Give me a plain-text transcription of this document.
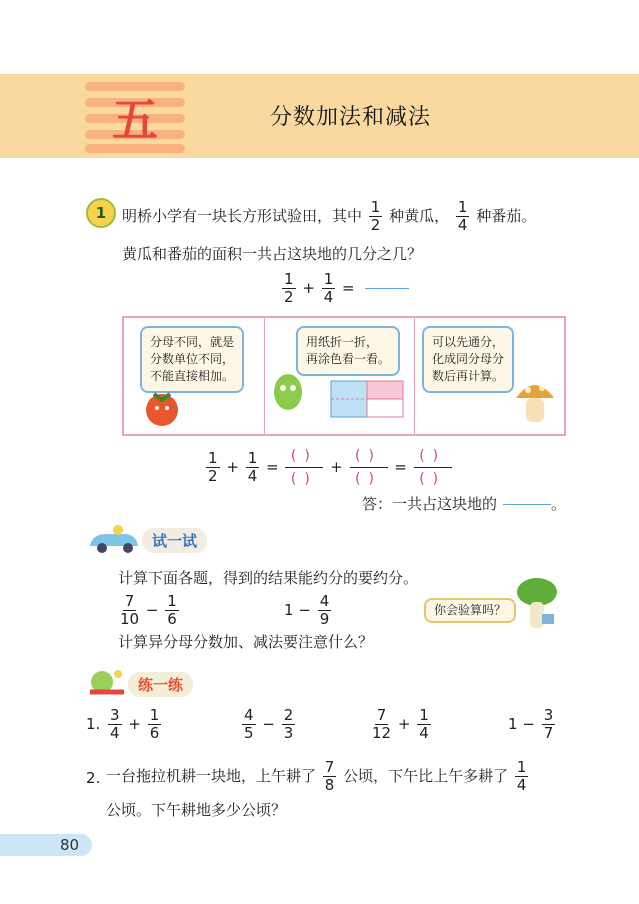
五	分数加法和减法
1	明桥小学有一块长方形试验田，其中 $\frac{1}{2}$ 种黄瓜， $\frac{1}{4}$ 种番茄。
黄瓜和番茄的面积一共占这块地的几分之几？
$\frac{1}{2} + \frac{1}{4}$ =
分母不同，就是
分数单位不同，
不能直接相加。
用纸折一折，
再涂色看一看。
可以先通分，
化成同分母分
数后再计算。
$\frac{1}{2} + \frac{1}{4}$ =
()
()
+
()
()
=
()
()
答：一共占这块地的	。
试一试
计算下面各题，得到的结果能约分的要约分。
$\frac{7}{10} - \frac{1}{6}$	$1 - \frac{4}{9}$	你会验算吗？
计算异分母分数加、减法要注意什么？
练一练
1. $\frac{3}{4} + \frac{1}{6}$	$\frac{4}{5} - \frac{2}{3}$	$\frac{7}{12} + \frac{1}{4}$	$1 - \frac{3}{7}$
2. 一台拖拉机耕一块地，上午耕了 $\frac{7}{8}$ 公顷，下午比上午多耕了 $\frac{1}{4}$
公顷。下午耕地多少公顷？
80
